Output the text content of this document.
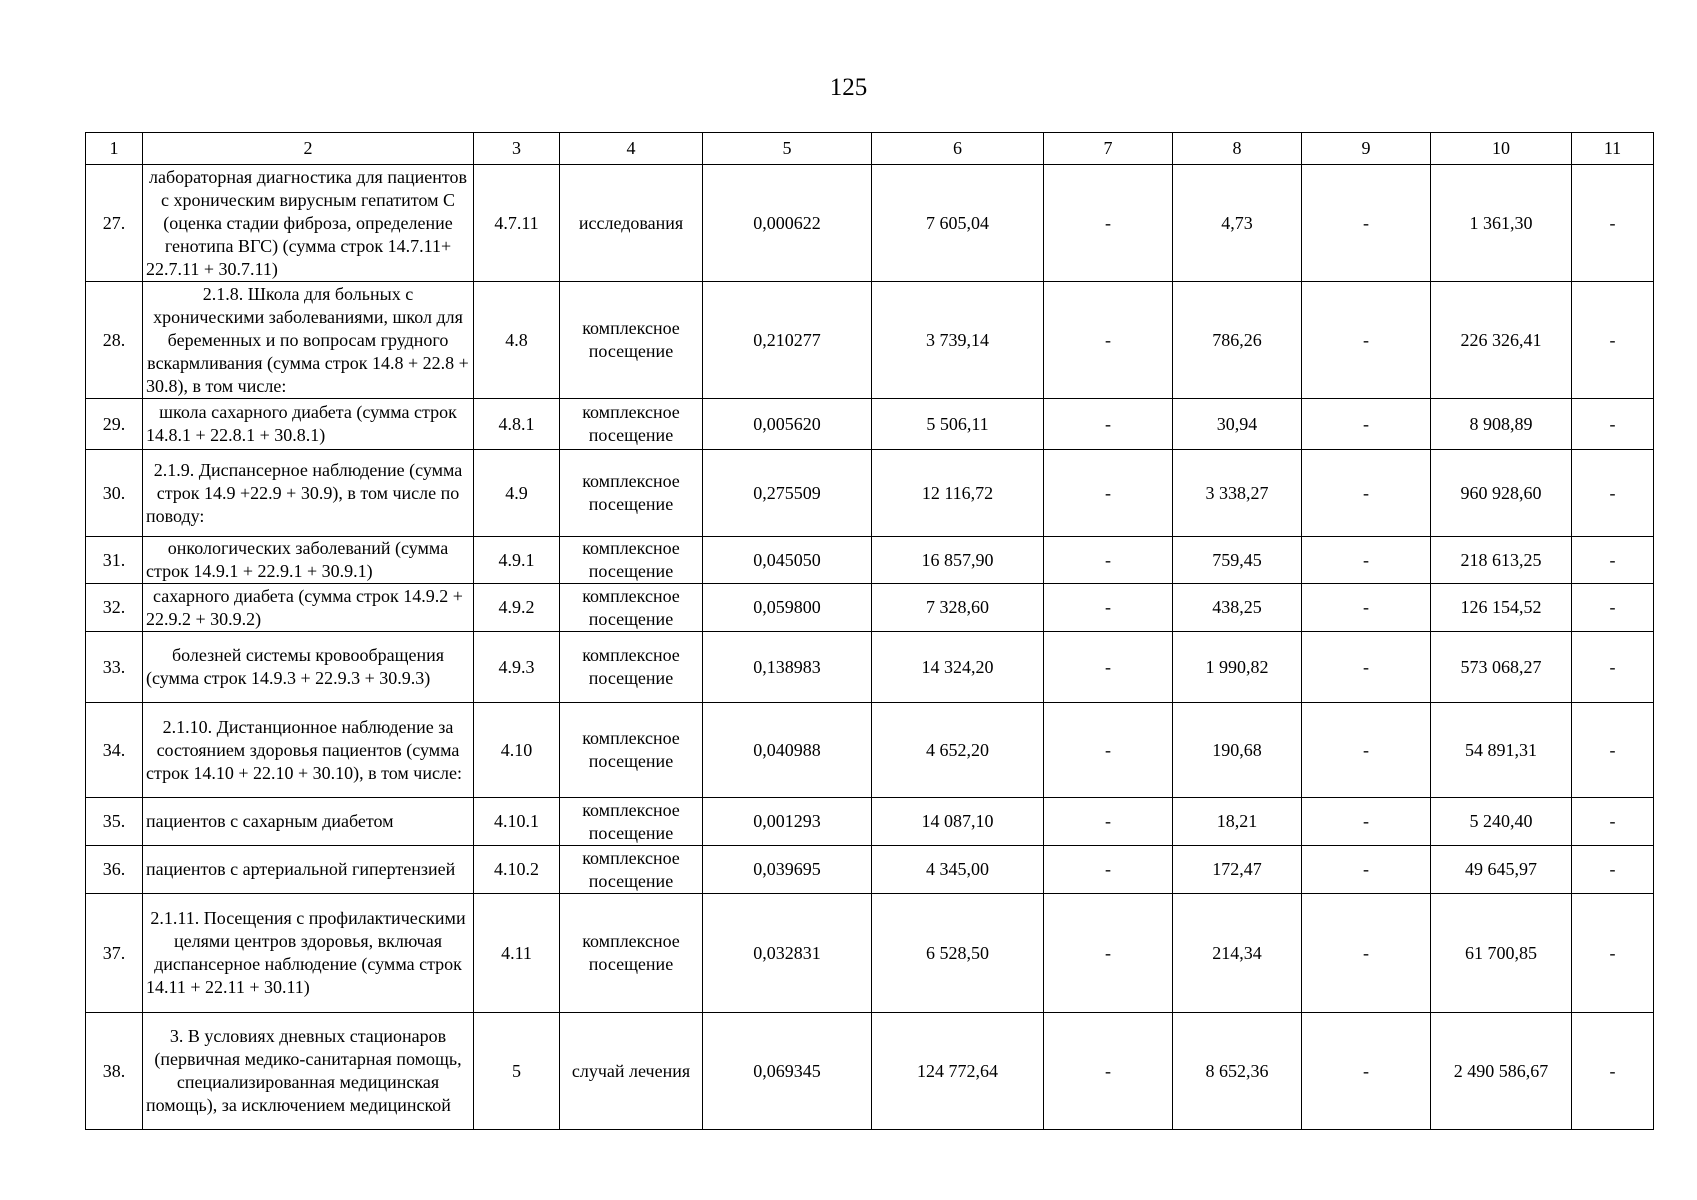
125
1	2	3	4	5	6	7	8	9	10	11
27.	лабораторная диагностика для пациентов с хроническим вирусным гепатитом С (оценка стадии фиброза, определение генотипа ВГС) (сумма строк 14.7.11+ 22.7.11 + 30.7.11)	4.7.11	исследования	0,000622	7 605,04	-	4,73	-	1 361,30	-
28.	2.1.8. Школа для больных с хроническими заболеваниями, школ для беременных и по вопросам грудного вскармливания (сумма строк 14.8 + 22.8 + 30.8), в том числе:	4.8	комплексное посещение	0,210277	3 739,14	-	786,26	-	226 326,41	-
29.	школа сахарного диабета (сумма строк 14.8.1 + 22.8.1 + 30.8.1)	4.8.1	комплексное посещение	0,005620	5 506,11	-	30,94	-	8 908,89	-
30.	2.1.9. Диспансерное наблюдение (сумма строк 14.9 +22.9 + 30.9), в том числе по поводу:	4.9	комплексное посещение	0,275509	12 116,72	-	3 338,27	-	960 928,60	-
31.	онкологических заболеваний (сумма строк 14.9.1 + 22.9.1 + 30.9.1)	4.9.1	комплексное посещение	0,045050	16 857,90	-	759,45	-	218 613,25	-
32.	сахарного диабета (сумма строк 14.9.2 + 22.9.2 + 30.9.2)	4.9.2	комплексное посещение	0,059800	7 328,60	-	438,25	-	126 154,52	-
33.	болезней системы кровообращения (сумма строк 14.9.3 + 22.9.3 + 30.9.3)	4.9.3	комплексное посещение	0,138983	14 324,20	-	1 990,82	-	573 068,27	-
34.	2.1.10. Дистанционное наблюдение за состоянием здоровья пациентов (сумма строк 14.10 + 22.10 + 30.10), в том числе:	4.10	комплексное посещение	0,040988	4 652,20	-	190,68	-	54 891,31	-
35.	пациентов с сахарным диабетом	4.10.1	комплексное посещение	0,001293	14 087,10	-	18,21	-	5 240,40	-
36.	пациентов с артериальной гипертензией	4.10.2	комплексное посещение	0,039695	4 345,00	-	172,47	-	49 645,97	-
37.	2.1.11. Посещения с профилактическими целями центров здоровья, включая диспансерное наблюдение (сумма строк 14.11 + 22.11 + 30.11)	4.11	комплексное посещение	0,032831	6 528,50	-	214,34	-	61 700,85	-
38.	3. В условиях дневных стационаров (первичная медико-санитарная помощь, специализированная медицинская помощь), за исключением медицинской	5	случай лечения	0,069345	124 772,64	-	8 652,36	-	2 490 586,67	-
